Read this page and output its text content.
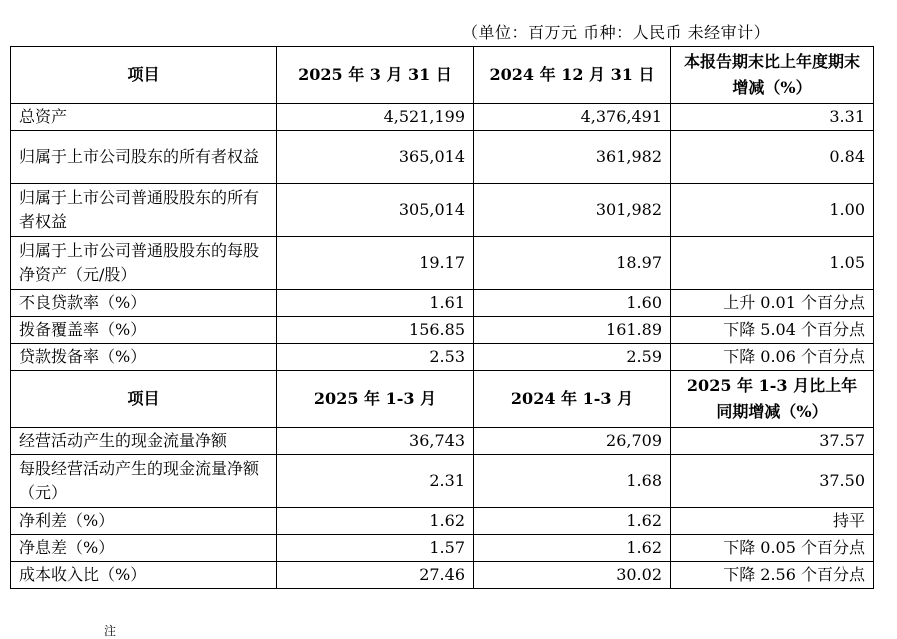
（单位：百万元 币种：人民币 未经审计）
项目	2025 年 3 月 31 日	2024 年 12 月 31 日	本报告期末比上年度期末增减（%）
总资产	4,521,199	4,376,491	3.31
归属于上市公司股东的所有者权益	365,014	361,982	0.84
归属于上市公司普通股股东的所有者权益	305,014	301,982	1.00
归属于上市公司普通股股东的每股净资产（元/股）	19.17	18.97	1.05
不良贷款率（%）	1.61	1.60	上升 0.01 个百分点
拨备覆盖率（%）	156.85	161.89	下降 5.04 个百分点
贷款拨备率（%）	2.53	2.59	下降 0.06 个百分点
项目	2025 年 1-3 月	2024 年 1-3 月	2025 年 1-3 月比上年同期增减（%）
经营活动产生的现金流量净额	36,743	26,709	37.57
每股经营活动产生的现金流量净额（元）	2.31	1.68	37.50
净利差（%）	1.62	1.62	持平
净息差（%）	1.57	1.62	下降 0.05 个百分点
成本收入比（%）	27.46	30.02	下降 2.56 个百分点
注
